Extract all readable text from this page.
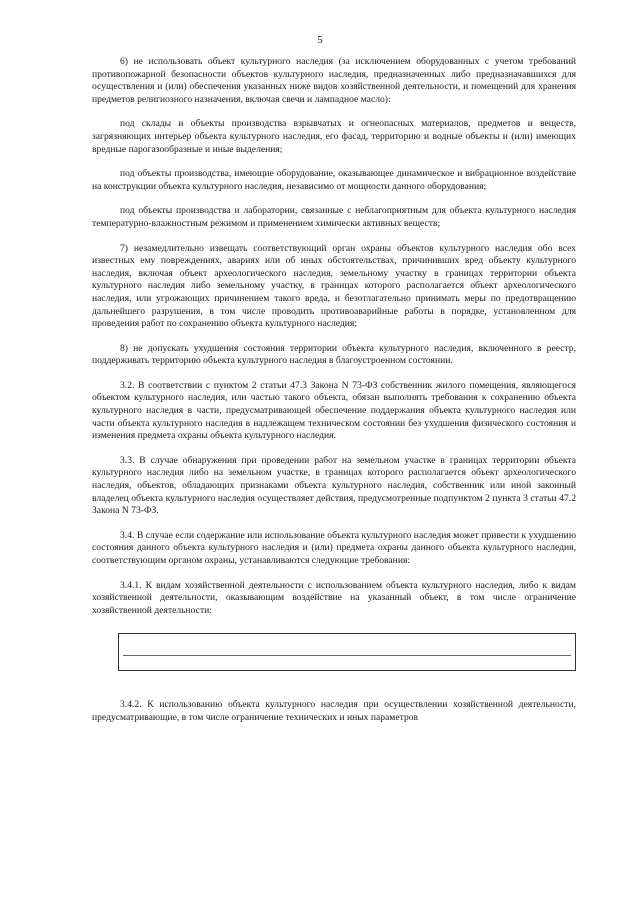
5

6) не использовать объект культурного наследия (за исключением оборудованных с учетом требований противопожарной безопасности объектов культурного наследия, предназначенных либо предназначавшихся для осуществления и (или) обеспечения указанных ниже видов хозяйственной деятельности, и помещений для хранения предметов религиозного назначения, включая свечи и лампадное масло):

под склады и объекты производства взрывчатых и огнеопасных материалов, предметов и веществ, загрязняющих интерьер объекта культурного наследия, его фасад, территорию и водные объекты и (или) имеющих вредные парогазообразные и иные выделения;

под объекты производства, имеющие оборудование, оказывающее динамическое и вибрационное воздействие на конструкции объекта культурного наследия, независимо от мощности данного оборудования;

под объекты производства и лаборатории, связанные с неблагоприятным для объекта культурного наследия температурно-влажностным режимом и применением химически активных веществ;

7) незамедлительно извещать соответствующий орган охраны объектов культурного наследия обо всех известных ему повреждениях, авариях или об иных обстоятельствах, причинивших вред объекту культурного наследия, включая объект археологического наследия, земельному участку в границах территории объекта культурного наследия либо земельному участку, в границах которого располагается объект археологического наследия, или угрожающих причинением такого вреда, и безотлагательно принимать меры по предотвращению дальнейшего разрушения, в том числе проводить противоаварийные работы в порядке, установленном для проведения работ по сохранению объекта культурного наследия;

8) не допускать ухудшения состояния территории объекта культурного наследия, включенного в реестр, поддерживать территорию объекта культурного наследия в благоустроенном состоянии.

3.2. В соответствии с пунктом 2 статьи 47.3 Закона N 73-ФЗ собственник жилого помещения, являющегося объектом культурного наследия, или частью такого объекта, обязан выполнять требования к сохранению объекта культурного наследия в части, предусматривающей обеспечение поддержания объекта культурного наследия или части объекта культурного наследия в надлежащем техническом состоянии без ухудшения физического состояния и изменения предмета охраны объекта культурного наследия.

3.3. В случае обнаружения при проведении работ на земельном участке в границах территории объекта культурного наследия либо на земельном участке, в границах которого располагается объект археологического наследия, объектов, обладающих признаками объекта культурного наследия, собственник или иной законный владелец объекта культурного наследия осуществляет действия, предусмотренные подпунктом 2 пункта 3 статьи 47.2 Закона N 73-ФЗ.

3.4. В случае если содержание или использование объекта культурного наследия может привести к ухудшению состояния данного объекта культурного наследия и (или) предмета охраны данного объекта культурного наследия, соответствующим органом охраны, устанавливаются следующие требования:

3.4.1. К видам хозяйственной деятельности с использованием объекта культурного наследия, либо к видам хозяйственной деятельности, оказывающим воздействие на указанный объект, в том числе ограничение хозяйственной деятельности:

3.4.2. К использованию объекта культурного наследия при осуществлении хозяйственной деятельности, предусматривающие, в том числе ограничение технических и иных параметров
